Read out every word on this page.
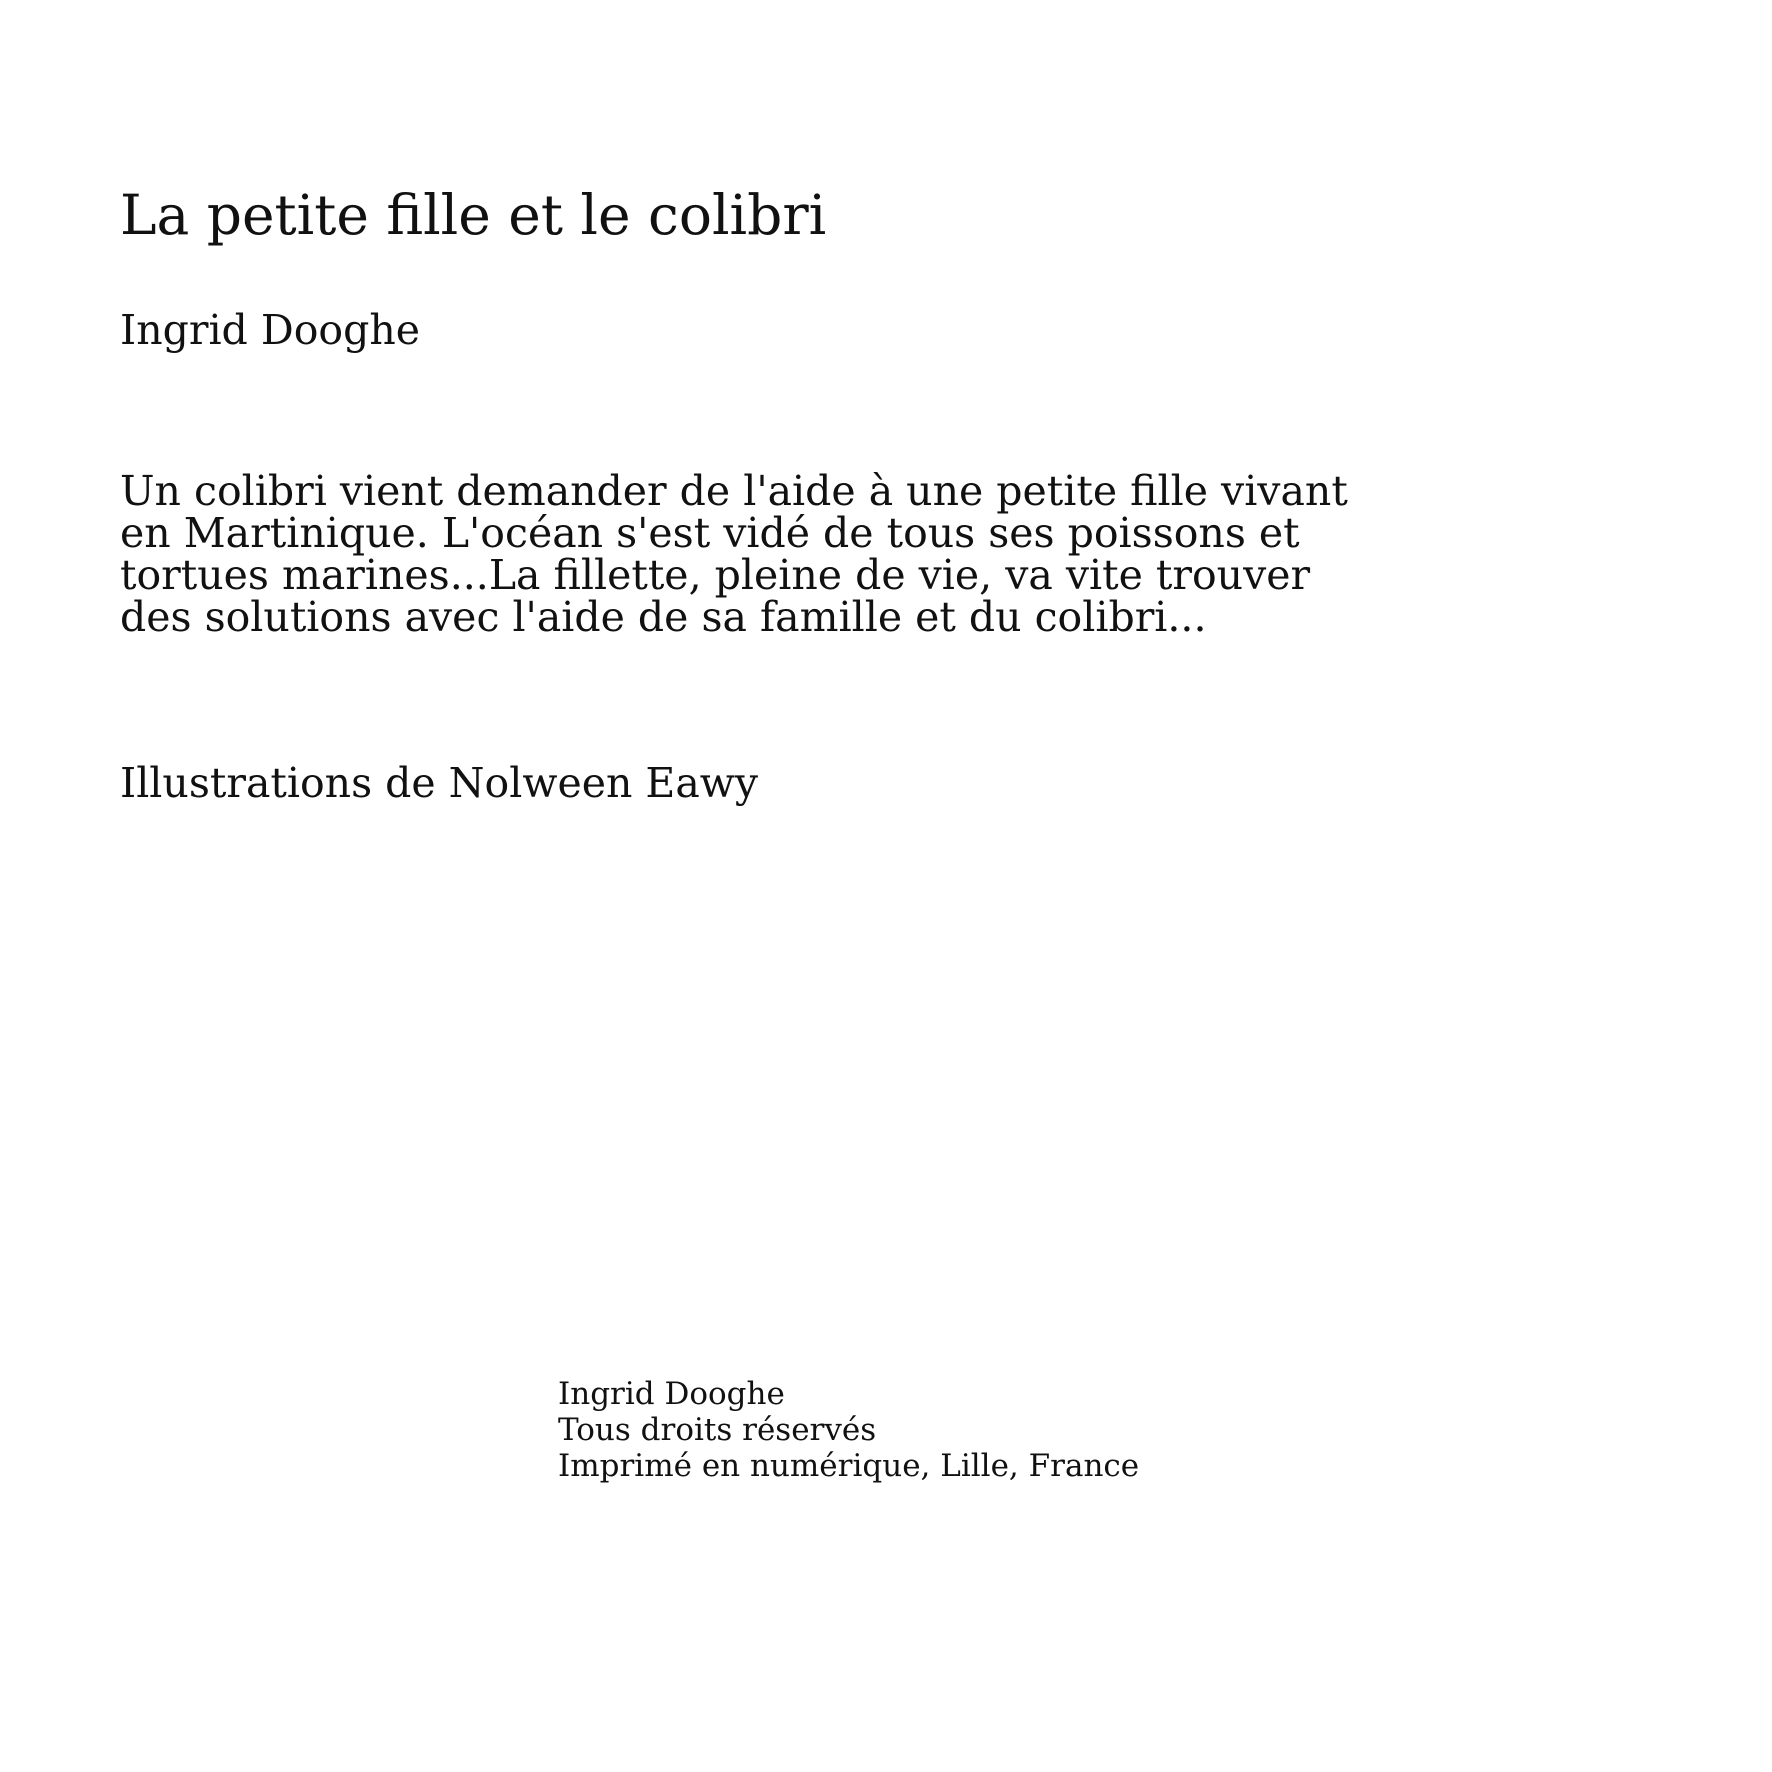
La petite fille et le colibri

Ingrid Dooghe

Un colibri vient demander de l'aide à une petite fille vivant en Martinique. L'océan s'est vidé de tous ses poissons et tortues marines...La fillette, pleine de vie, va vite trouver des solutions avec l'aide de sa famille et du colibri...

Illustrations de Nolween Eawy

Ingrid Dooghe
Tous droits réservés
Imprimé en numérique, Lille, France
